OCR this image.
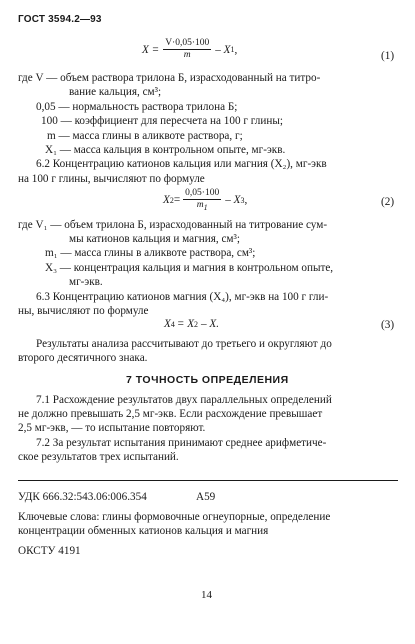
ГОСТ 3594.2—93
$X = \frac{V\cdot 0,05\cdot 100}{m} - X$ 1 ,
(1)
где V — объем раствора трилона Б, израсходованный на титро-
вание кальция, см³;
0,05 — нормальность раствора трилона Б;
100 — коэффициент для пересчета на 100 г глины;
m — масса глины в аликвоте раствора, г;
X₁ — масса кальция в контрольном опыте, мг-экв.
6.2 Концентрацию катионов кальция или магния (X₂), мг-экв
на 100 г глины, вычисляют по формуле
X $2 = \frac{0,05\cdot 100}{m_1} - X$ 3 ,	(2)
где V₁ — объем трилона Б, израсходованный на титрование сум-
мы катионов кальция и магния, см³;
m₁ — масса глины в аликвоте раствора, см³;
X₃ — концентрация кальция и магния в контрольном опыте,
мг-экв.
6.3 Концентрацию катионов магния (X₄), мг-экв на 100 г гли-
ны, вычисляют по формуле
X 4 = X 2 – X.	(3)
Результаты анализа рассчитывают до третьего и округляют до
второго десятичного знака.
7 ТОЧНОСТЬ ОПРЕДЕЛЕНИЯ
7.1 Расхождение результатов двух параллельных определений
не должно превышать 2,5 мг-экв. Если расхождение превышает
2,5 мг-экв, — то испытание повторяют.
7.2 За результат испытания принимают среднее арифметиче-
ское результатов трех испытаний.
УДК 666.32:543.06:006.354	А59
Ключевые слова: глины формовочные огнеупорные, определение
концентрации обменных катионов кальция и магния
ОКСТУ 4191
14
